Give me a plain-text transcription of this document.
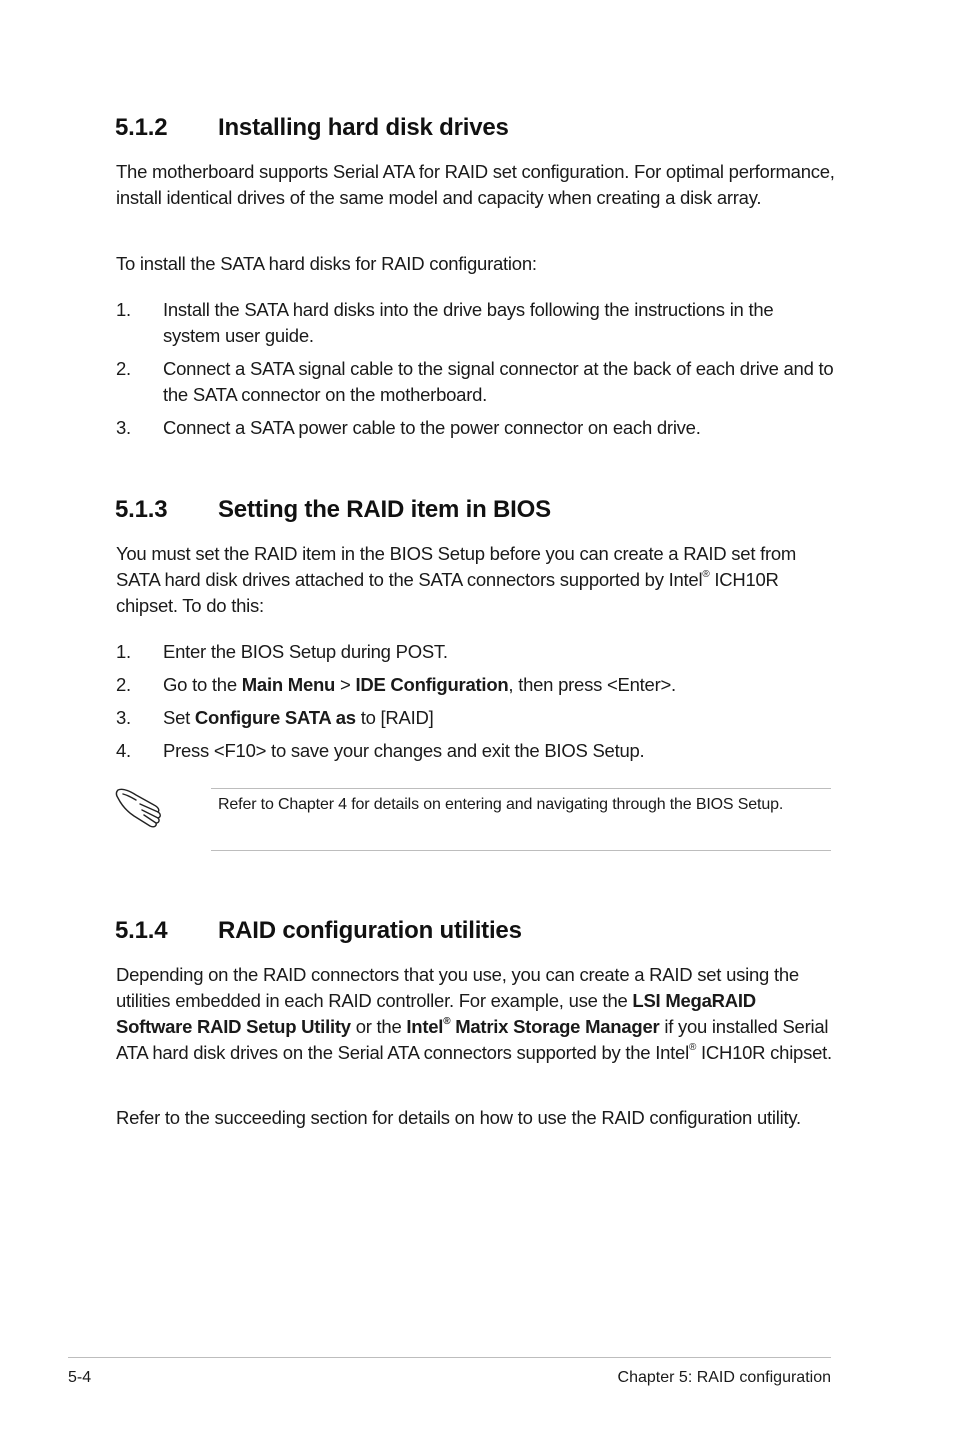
5.1.2 Installing hard disk drives
The motherboard supports Serial ATA for RAID set configuration. For optimal performance, install identical drives of the same model and capacity when creating a disk array.
To install the SATA hard disks for RAID configuration:
1. Install the SATA hard disks into the drive bays following the instructions in the system user guide.
2. Connect a SATA signal cable to the signal connector at the back of each drive and to the SATA connector on the motherboard.
3. Connect a SATA power cable to the power connector on each drive.
5.1.3 Setting the RAID item in BIOS
You must set the RAID item in the BIOS Setup before you can create a RAID set from SATA hard disk drives attached to the SATA connectors supported by Intel® ICH10R chipset. To do this:
1. Enter the BIOS Setup during POST.
2. Go to the Main Menu > IDE Configuration, then press <Enter>.
3. Set Configure SATA as to [RAID]
4. Press <F10> to save your changes and exit the BIOS Setup.
Refer to Chapter 4 for details on entering and navigating through the BIOS Setup.
5.1.4 RAID configuration utilities
Depending on the RAID connectors that you use, you can create a RAID set using the utilities embedded in each RAID controller. For example, use the LSI MegaRAID Software RAID Setup Utility or the Intel® Matrix Storage Manager if you installed Serial ATA hard disk drives on the Serial ATA connectors supported by the Intel® ICH10R chipset.
Refer to the succeeding section for details on how to use the RAID configuration utility.
5-4	Chapter 5: RAID configuration
